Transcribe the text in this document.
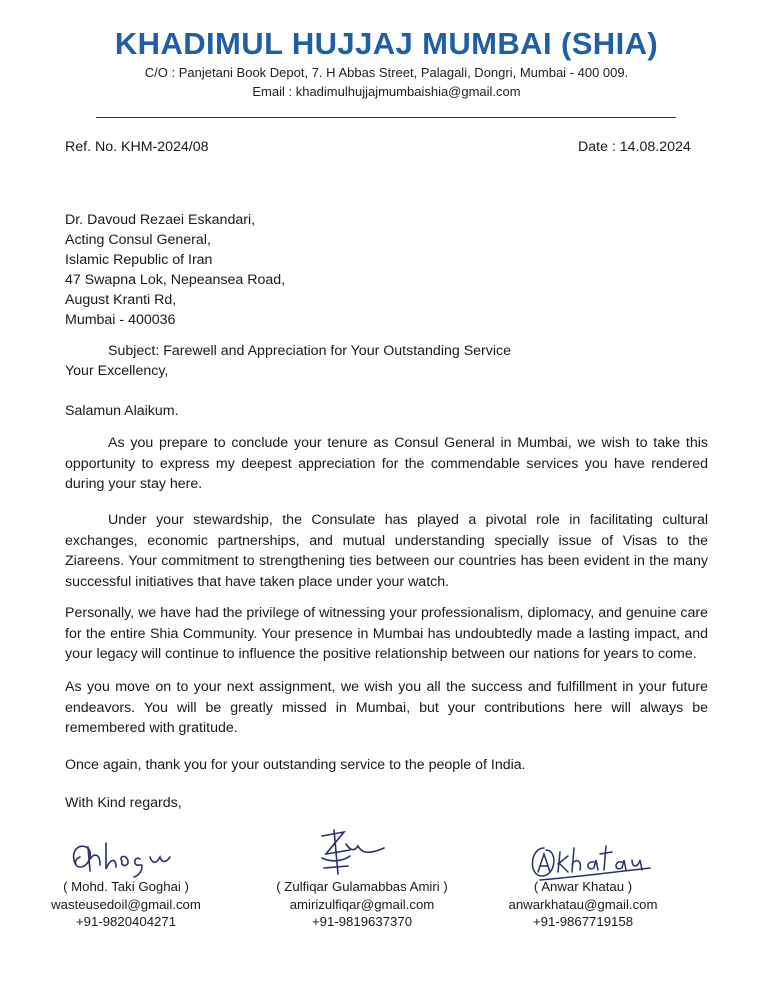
KHADIMUL HUJJAJ MUMBAI (SHIA)
C/O : Panjetani Book Depot, 7. H Abbas Street, Palagali, Dongri, Mumbai - 400 009.
Email : khadimulhujjajmumbaishia@gmail.com
Ref. No. KHM-2024/08	Date : 14.08.2024
Dr. Davoud Rezaei Eskandari,
Acting Consul General,
Islamic Republic of Iran
47 Swapna Lok, Nepeansea Road,
August Kranti Rd,
Mumbai - 400036
Subject: Farewell and Appreciation for Your Outstanding Service
Your Excellency,
Salamun Alaikum.
As you prepare to conclude your tenure as Consul General in Mumbai, we wish to take this opportunity to express my deepest appreciation for the commendable services you have rendered during your stay here.
Under your stewardship, the Consulate has played a pivotal role in facilitating cultural exchanges, economic partnerships, and mutual understanding specially issue of Visas to the Ziareens. Your commitment to strengthening ties between our countries has been evident in the many successful initiatives that have taken place under your watch.
Personally, we have had the privilege of witnessing your professionalism, diplomacy, and genuine care for the entire Shia Community. Your presence in Mumbai has undoubtedly made a lasting impact, and your legacy will continue to influence the positive relationship between our nations for years to come.
As you move on to your next assignment, we wish you all the success and fulfillment in your future endeavors. You will be greatly missed in Mumbai, but your contributions here will always be remembered with gratitude.
Once again, thank you for your outstanding service to the people of India.
With Kind regards,
( Mohd. Taki Goghai )
wasteusedoil@gmail.com
+91-9820404271
( Zulfiqar Gulamabbas Amiri )
amirizulfiqar@gmail.com
+91-9819637370
( Anwar Khatau )
anwarkhatau@gmail.com
+91-9867719158
